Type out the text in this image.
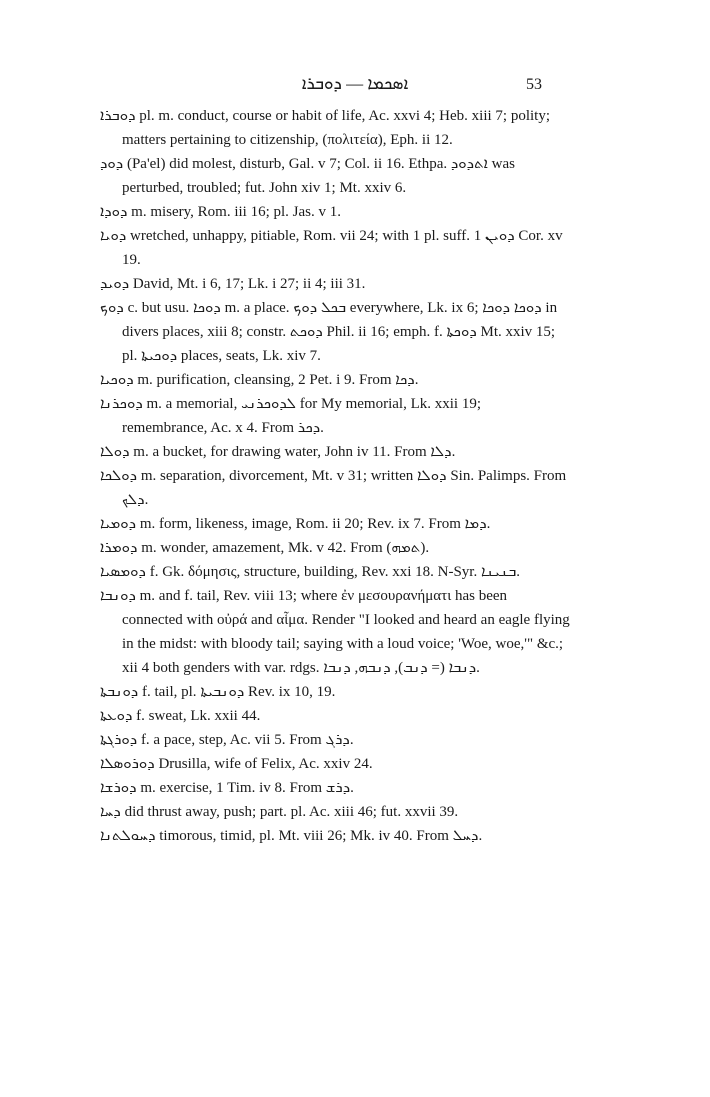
ܐܣܟܡܐ — ܕܘܒܪܐ	53

ܕܘܒܪܐ pl. m. conduct, course or habit of life, Ac. xxvi 4; Heb. xiii 7; polity; matters pertaining to citizenship, (πολιτεία), Eph. ii 12.

ܕܘܕ (Pa'el) did molest, disturb, Gal. v 7; Col. ii 16. Ethpa. ܐܬܕܘܕ was perturbed, troubled; fut. John xiv 1; Mt. xxiv 6.

ܕܘܕܐ m. misery, Rom. iii 16; pl. Jas. v 1.

ܕܘܝܐ wretched, unhappy, pitiable, Rom. vii 24; with 1 pl. suff. ܕܘܝܢ 1 Cor. xv 19.

ܕܘܝܕ David, Mt. i 6, 17; Lk. i 27; ii 4; iii 31.

ܕܘܟ c. but usu. ܕܘܟܐ m. a place. ܒܟܠ ܕܘܟ everywhere, Lk. ix 6; ܕܘܟܐ ܕܘܟܐ in divers places, xiii 8; constr. ܕܘܟܬ Phil. ii 16; emph. f. ܕܘܟܬܐ Mt. xxiv 15; pl. ܕܘܟܝܬܐ places, seats, Lk. xiv 7.

ܕܘܟܝܐ m. purification, cleansing, 2 Pet. i 9. From ܕܟܐ.

ܕܘܟܪܢܐ m. a memorial, ܠܕܘܟܪܢܝ for My memorial, Lk. xxii 19; remembrance, Ac. x 4. From ܕܟܪ.

ܕܘܠܐ m. a bucket, for drawing water, John iv 11. From ܕܠܐ.

ܕܘܠܟܐ m. separation, divorcement, Mt. v 31; written ܕܘܠܐ Sin. Palimps. From ܕܠܟ.

ܕܘܡܝܐ m. form, likeness, image, Rom. ii 20; Rev. ix 7. From ܕܡܐ.

ܕܘܡܪܐ m. wonder, amazement, Mk. v 42. From (ܬܡܗ).

ܕܘܡܣܝܐ f. Gk. δόμησις, structure, building, Rev. xxi 18. N-Syr. ܒܢܝܢܐ.

ܕܘܢܒܐ m. and f. tail, Rev. viii 13; where ἐν μεσουρανήματι has been connected with οὐρά and αἷμα. Render "I looked and heard an eagle flying in the midst: with bloody tail; saying with a loud voice; 'Woe, woe,'" &c.; xii 4 both genders with var. rdgs. ܕܢܒܐ (= ܕܢܒ), ܕܢܒܗ, ܕܢܒܐ.

ܕܘܢܒܬܐ f. tail, pl. ܕܘܢܒܝܬܐ Rev. ix 10, 19.

ܕܘܥܬܐ f. sweat, Lk. xxii 44.

ܕܘܪܓܬܐ f. a pace, step, Ac. vii 5. From ܕܪܓ.

ܕܘܪܘܣܠܐ Drusilla, wife of Felix, Ac. xxiv 24.

ܕܘܪܫܐ m. exercise, 1 Tim. iv 8. From ܕܪܫ.

ܕܚܐ did thrust away, push; part. pl. Ac. xiii 46; fut. xxvii 39.

ܕܚܘܠܬܢܐ timorous, timid, pl. Mt. viii 26; Mk. iv 40. From ܕܚܠ.
